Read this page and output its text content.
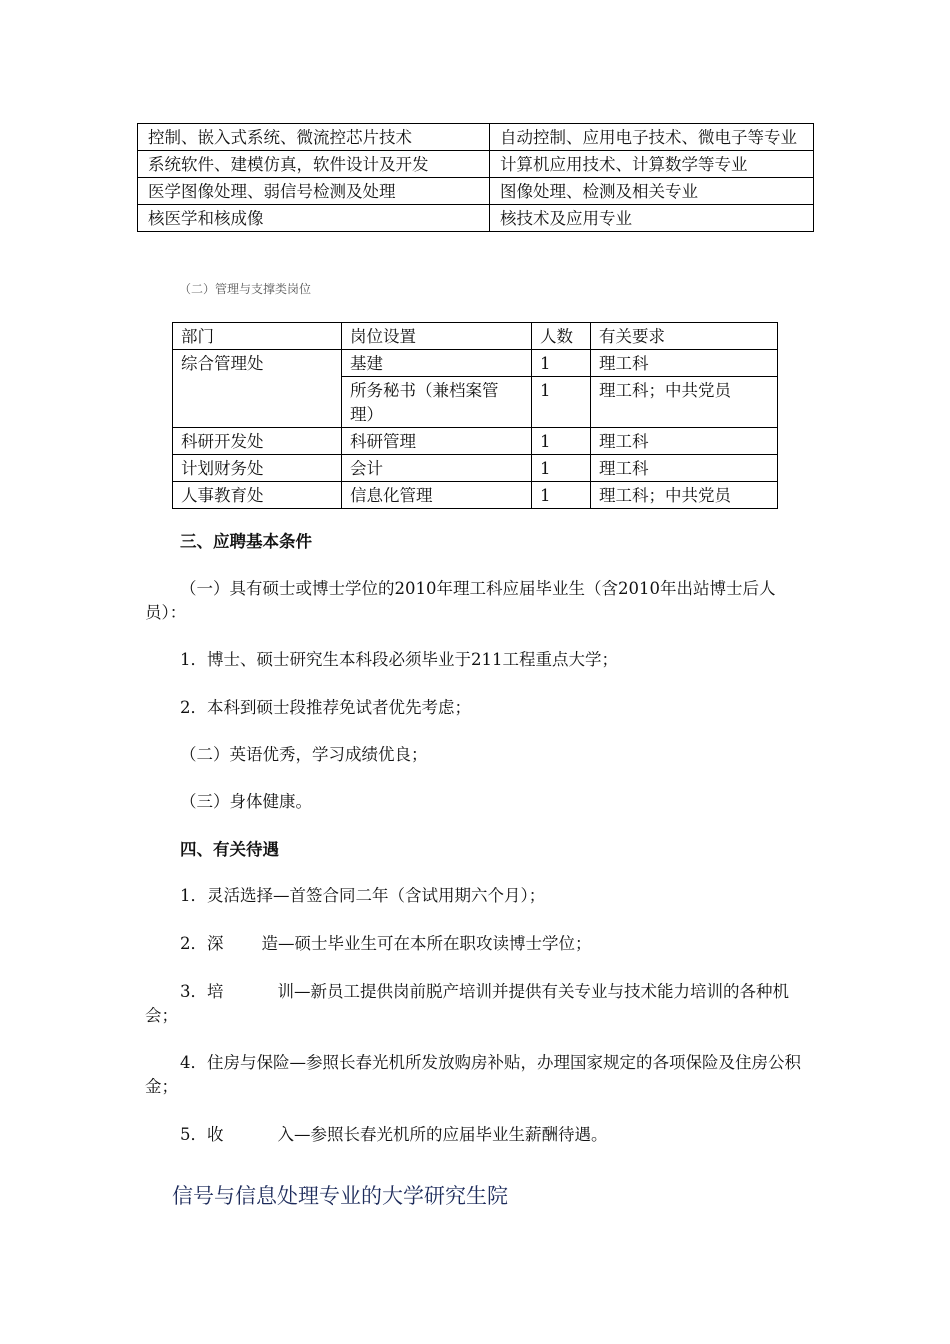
控制、嵌入式系统、微流控芯片技术	自动控制、应用电子技术、微电子等专业
系统软件、建模仿真，软件设计及开发	计算机应用技术、计算数学等专业
医学图像处理、弱信号检测及处理	图像处理、检测及相关专业
核医学和核成像	核技术及应用专业
（二）管理与支撑类岗位
部门	岗位设置	人数	有关要求
综合管理处	基建	1	理工科
	所务秘书（兼档案管理）	1	理工科；中共党员
科研开发处	科研管理	1	理工科
计划财务处	会计	1	理工科
人事教育处	信息化管理	1	理工科；中共党员
三、应聘基本条件
（一）具有硕士或博士学位的2010年理工科应届毕业生（含2010年出站博士后人员）：
1．博士、硕士研究生本科段必须毕业于211工程重点大学；
2．本科到硕士段推荐免试者优先考虑；
（二）英语优秀，学习成绩优良；
（三）身体健康。
四、有关待遇
1．灵活选择—首签合同二年（含试用期六个月）；
2．深 造—硕士毕业生可在本所在职攻读博士学位；
3．培	训—新员工提供岗前脱产培训并提供有关专业与技术能力培训的各种机会；
4．住房与保险—参照长春光机所发放购房补贴，办理国家规定的各项保险及住房公积金；
5．收	入—参照长春光机所的应届毕业生薪酬待遇。
信号与信息处理专业的大学研究生院
